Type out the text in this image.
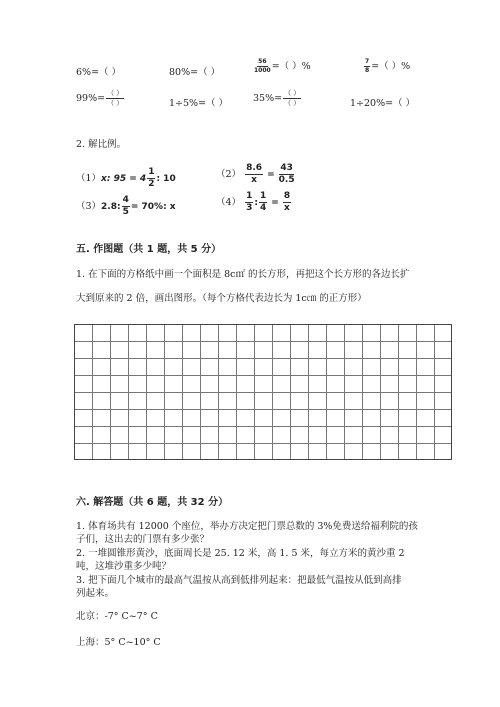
6%=（ ）	80%=（ ）	$\frac{56}{1000}$ =（ ）%	$\frac{7}{8}$ =（ ）%
$99\%= \frac{( )}{( )}$	1÷5%=（ ）	$35\%= \frac{( )}{( )}$	1÷20%=（ ）
2. 解比例。
（1）x: $95 = 4 \frac{1}{2}$ : 10	$(2) \frac{8.6}{x} = \frac{43}{0.5}$
（3）2.8: $\frac{4}{5} = 70\%$: x	$(4) \frac{1}{3}$ : $\frac{1}{4} = \frac{8}{x}$
五. 作图题（共 1 题，共 5 分）
1. 在下面的方格纸中画一个面积是 8c㎡ 的长方形，再把这个长方形的各边长扩
大到原来的 2 倍，画出图形。（每个方格代表边长为 1c㎝ 的正方形）
六. 解答题（共 6 题，共 32 分）
1. 体育场共有 12000 个座位，举办方决定把门票总数的 3%免费送给福利院的孩
子们，这出去的门票有多少张？
2. 一堆圆锥形黄沙，底面周长是 25. 12 米，高 1. 5 米，每立方米的黄沙重 2
吨，这堆沙重多少吨？
3. 把下面几个城市的最高气温按从高到低排列起来：把最低气温按从低到高排
列起来。
北京：-7° C~7° C
上海：5° C~10° C
